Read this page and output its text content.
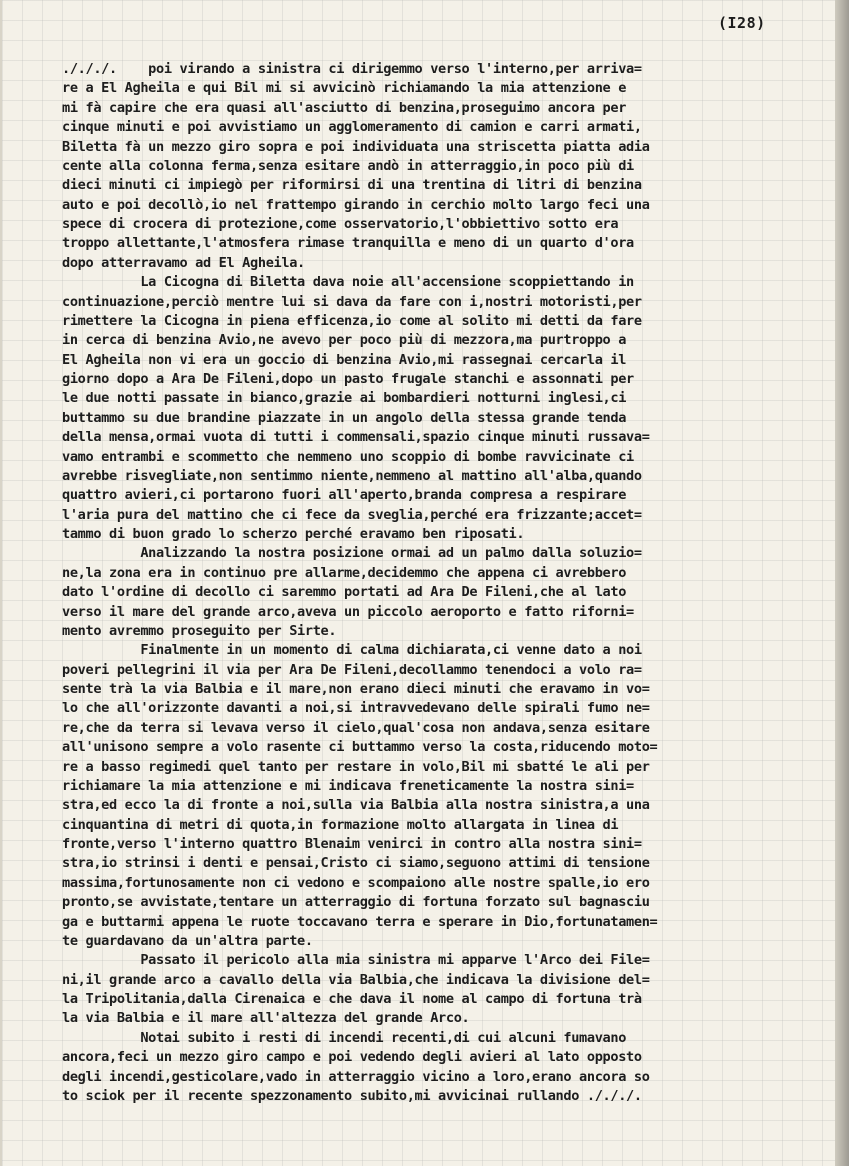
(I28)
./././.    poi virando a sinistra ci dirigemmo verso l'interno,per arriva=
re a El Agheila e qui Bil mi si avvicinò richiamando la mia attenzione e
mi fà capire che era quasi all'asciutto di benzina,proseguimo ancora per
cinque minuti e poi avvistiamo un agglomeramento di camion e carri armati,
Biletta fà un mezzo giro sopra e poi individuata una striscetta piatta adia
cente alla colonna ferma,senza esitare andò in atterraggio,in poco più di
dieci minuti ci impiegò per riformirsi di una trentina di litri di benzina
auto e poi decollò,io nel frattempo girando in cerchio molto largo feci una
spece di crocera di protezione,come osservatorio,l'obbiettivo sotto era
troppo allettante,l'atmosfera rimase tranquilla e meno di un quarto d'ora
dopo atterravamo ad El Agheila.
La Cicogna di Biletta dava noie all'accensione scoppiettando in
continuazione,perciò mentre lui si dava da fare con i,nostri motoristi,per
rimettere la Cicogna in piena efficenza,io come al solito mi detti da fare
in cerca di benzina Avio,ne avevo per poco più di mezzora,ma purtroppo a
El Agheila non vi era un goccio di benzina Avio,mi rassegnai cercarla il
giorno dopo a Ara De Fileni,dopo un pasto frugale stanchi e assonnati per
le due notti passate in bianco,grazie ai bombardieri notturni inglesi,ci
buttammo su due brandine piazzate in un angolo della stessa grande tenda
della mensa,ormai vuota di tutti i commensali,spazio cinque minuti russava=
vamo entrambi e scommetto che nemmeno uno scoppio di bombe ravvicinate ci
avrebbe risvegliate,non sentimmo niente,nemmeno al mattino all'alba,quando
quattro avieri,ci portarono fuori all'aperto,branda compresa a respirare
l'aria pura del mattino che ci fece da sveglia,perché era frizzante;accet=
tammo di buon grado lo scherzo perché eravamo ben riposati.
Analizzando la nostra posizione ormai ad un palmo dalla soluzio=
ne,la zona era in continuo pre allarme,decidemmo che appena ci avrebbero
dato l'ordine di decollo ci saremmo portati ad Ara De Fileni,che al lato
verso il mare del grande arco,aveva un piccolo aeroporto e fatto riforni=
mento avremmo proseguito per Sirte.
Finalmente in un momento di calma dichiarata,ci venne dato a noi
poveri pellegrini il via per Ara De Fileni,decollammo tenendoci a volo ra=
sente trà la via Balbia e il mare,non erano dieci minuti che eravamo in vo=
lo che all'orizzonte davanti a noi,si intravvedevano delle spirali fumo ne=
re,che da terra si levava verso il cielo,qual'cosa non andava,senza esitare
all'unisono sempre a volo rasente ci buttammo verso la costa,riducendo moto=
re a basso regimedi quel tanto per restare in volo,Bil mi sbatté le ali per
richiamare la mia attenzione e mi indicava freneticamente la nostra sini=
stra,ed ecco la di fronte a noi,sulla via Balbia alla nostra sinistra,a una
cinquantina di metri di quota,in formazione molto allargata in linea di
fronte,verso l'interno quattro Blenaim venirci in contro alla nostra sini=
stra,io strinsi i denti e pensai,Cristo ci siamo,seguono attimi di tensione
massima,fortunosamente non ci vedono e scompaiono alle nostre spalle,io ero
pronto,se avvistate,tentare un atterraggio di fortuna forzato sul bagnasciu
ga e buttarmi appena le ruote toccavano terra e sperare in Dio,fortunatamen=
te guardavano da un'altra parte.
Passato il pericolo alla mia sinistra mi apparve l'Arco dei File=
ni,il grande arco a cavallo della via Balbia,che indicava la divisione del=
la Tripolitania,dalla Cirenaica e che dava il nome al campo di fortuna trà
la via Balbia e il mare all'altezza del grande Arco.
Notai subito i resti di incendi recenti,di cui alcuni fumavano
ancora,feci un mezzo giro campo e poi vedendo degli avieri al lato opposto
degli incendi,gesticolare,vado in atterraggio vicino a loro,erano ancora so
to sciok per il recente spezzonamento subito,mi avvicinai rullando ./././.
